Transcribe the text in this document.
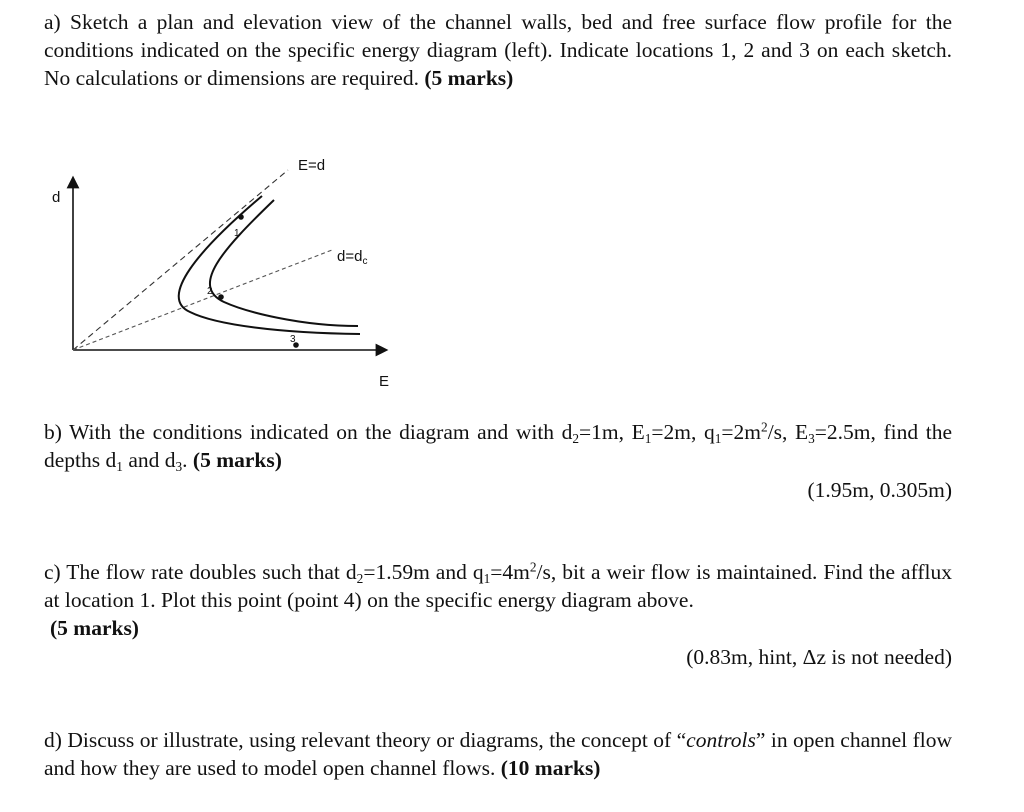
a) Sketch a plan and elevation view of the channel walls, bed and free surface flow profile for the conditions indicated on the specific energy diagram (left). Indicate locations 1, 2 and 3 on each sketch. No calculations or dimensions are required. (5 marks)

d
E
E=d
$d=d_c$
1
2
3

b) With the conditions indicated on the diagram and with $d_2=1m$, $E_1=2m$, $q_1=2m^2/s$, $E_3=2.5m$, find the depths $d_1$ and $d_3$. (5 marks)

(1.95m, 0.305m)

c) The flow rate doubles such that $d_2=1.59m$ and $q_1=4m^2/s$, bit a weir flow is maintained. Find the afflux at location 1. Plot this point (point 4) on the specific energy diagram above.

(5 marks)
(0.83m, hint, Δz is not needed)

d) Discuss or illustrate, using relevant theory or diagrams, the concept of “controls” in open channel flow and how they are used to model open channel flows. (10 marks)
